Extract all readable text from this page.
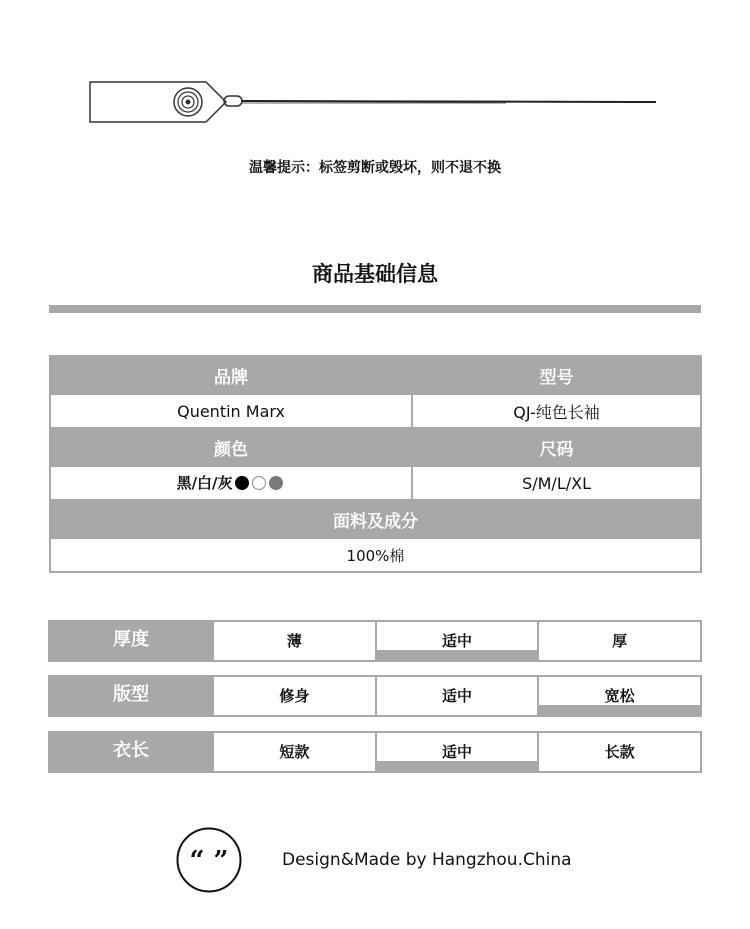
温馨提示：标签剪断或毁坏，则不退不换
商品基础信息
品牌	型号
Quentin Marx	QJ-纯色长袖
颜色	尺码
黑/白/灰	S/M/L/XL
面料及成分	
100%棉	
厚度	薄	适中	厚
版型	修身	适中	宽松
衣长	短款	适中	长款
“ ”	Design&Made by Hangzhou.China
